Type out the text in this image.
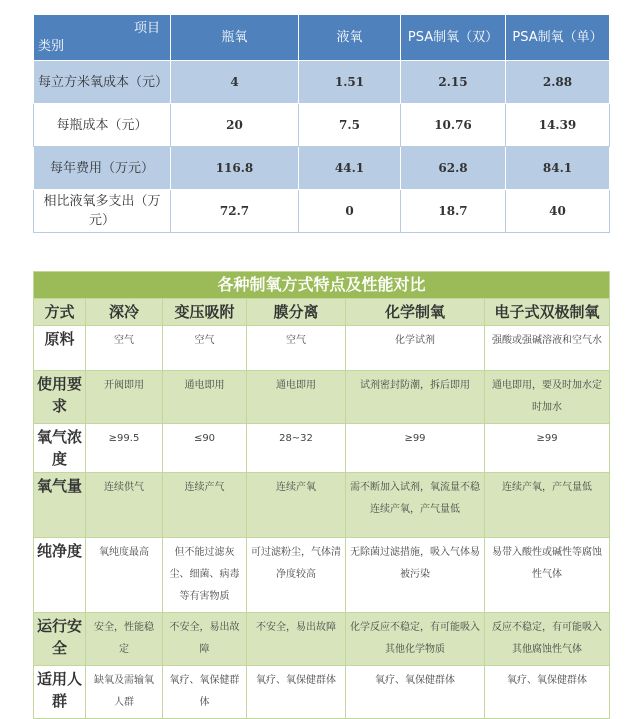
项目
类别	瓶氧	液氧	PSA制氧（双）	PSA制氧（单）
每立方米氧成本（元）	4	1.51	2.15	2.88
每瓶成本（元）	20	7.5	10.76	14.39
每年费用（万元）	116.8	44.1	62.8	84.1
相比液氧多支出（万元）	72.7	0	18.7	40
各种制氧方式特点及性能对比					
方式	深冷	变压吸附	膜分离	化学制氧	电子式双极制氧
原料	空气	空气	空气	化学试剂	强酸或强碱溶液和空气水
使用要求	开阀即用	通电即用	通电即用	试剂密封防潮，拆后即用	通电即用，要及时加水定时加水
氧气浓度	≥99.5	≤90	28~32	≥99	≥99
氧气量	连续供气	连续产气	连续产氧	需不断加入试剂，氧流量不稳连续产氧，产气量低	连续产氧，产气量低
纯净度	氧纯度最高	但不能过滤灰尘、细菌、病毒等有害物质	可过滤粉尘，气体清净度较高	无除菌过滤措施，吸入气体易被污染	易带入酸性或碱性等腐蚀性气体
运行安全	安全，性能稳定	不安全，易出故障	不安全，易出故障	化学反应不稳定，有可能吸入其他化学物质	反应不稳定，有可能吸入其他腐蚀性气体
适用人群	缺氧及需输氧人群	氧疗、氧保健群体	氧疗、氧保健群体	氧疗、氧保健群体	氧疗、氧保健群体
